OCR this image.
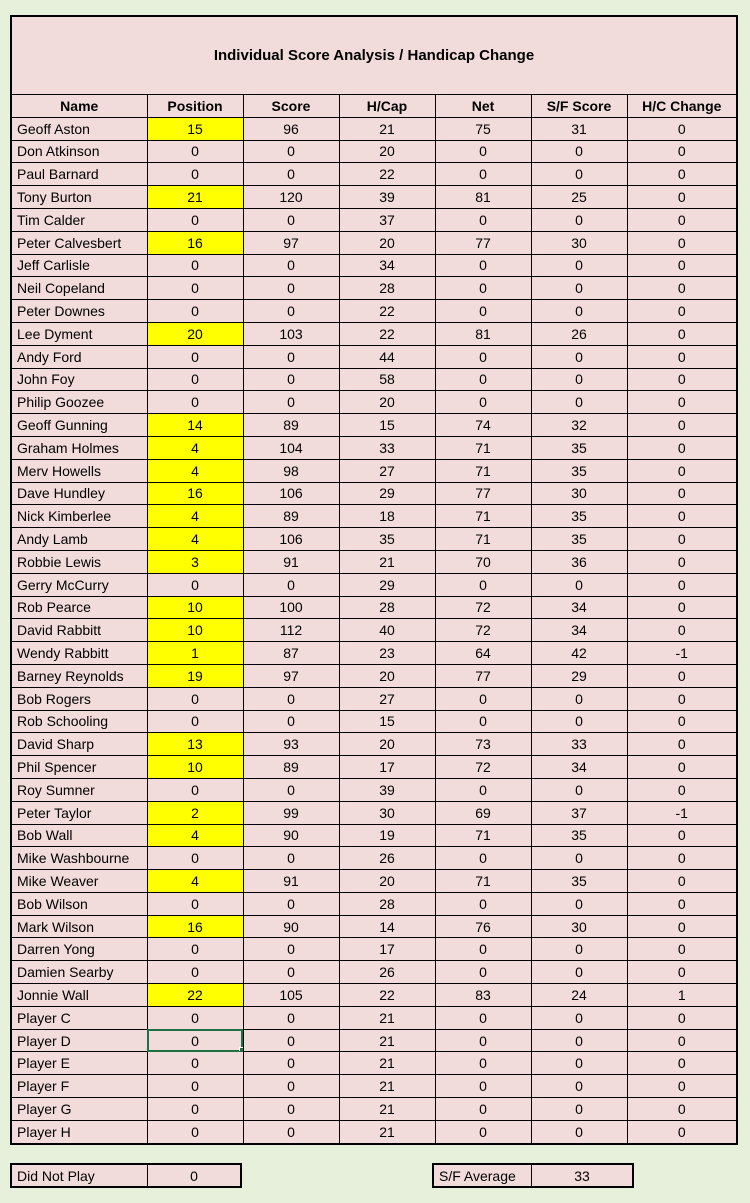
Individual Score Analysis / Handicap Change
Name	Position	Score	H/Cap	Net	S/F Score	H/C Change
Geoff Aston	15	96	21	75	31	0
Don Atkinson	0	0	20	0	0	0
Paul Barnard	0	0	22	0	0	0
Tony Burton	21	120	39	81	25	0
Tim Calder	0	0	37	0	0	0
Peter Calvesbert	16	97	20	77	30	0
Jeff Carlisle	0	0	34	0	0	0
Neil Copeland	0	0	28	0	0	0
Peter Downes	0	0	22	0	0	0
Lee Dyment	20	103	22	81	26	0
Andy Ford	0	0	44	0	0	0
John Foy	0	0	58	0	0	0
Philip Goozee	0	0	20	0	0	0
Geoff Gunning	14	89	15	74	32	0
Graham Holmes	4	104	33	71	35	0
Merv Howells	4	98	27	71	35	0
Dave Hundley	16	106	29	77	30	0
Nick Kimberlee	4	89	18	71	35	0
Andy Lamb	4	106	35	71	35	0
Robbie Lewis	3	91	21	70	36	0
Gerry McCurry	0	0	29	0	0	0
Rob Pearce	10	100	28	72	34	0
David Rabbitt	10	112	40	72	34	0
Wendy Rabbitt	1	87	23	64	42	-1
Barney Reynolds	19	97	20	77	29	0
Bob Rogers	0	0	27	0	0	0
Rob Schooling	0	0	15	0	0	0
David Sharp	13	93	20	73	33	0
Phil Spencer	10	89	17	72	34	0
Roy Sumner	0	0	39	0	0	0
Peter Taylor	2	99	30	69	37	-1
Bob Wall	4	90	19	71	35	0
Mike Washbourne	0	0	26	0	0	0
Mike Weaver	4	91	20	71	35	0
Bob Wilson	0	0	28	0	0	0
Mark Wilson	16	90	14	76	30	0
Darren Yong	0	0	17	0	0	0
Damien Searby	0	0	26	0	0	0
Jonnie Wall	22	105	22	83	24	1
Player C	0	0	21	0	0	0
Player D	0	0	21	0	0	0
Player E	0	0	21	0	0	0
Player F	0	0	21	0	0	0
Player G	0	0	21	0	0	0
Player H	0	0	21	0	0	0
Did Not Play	0	S/F Average	33
